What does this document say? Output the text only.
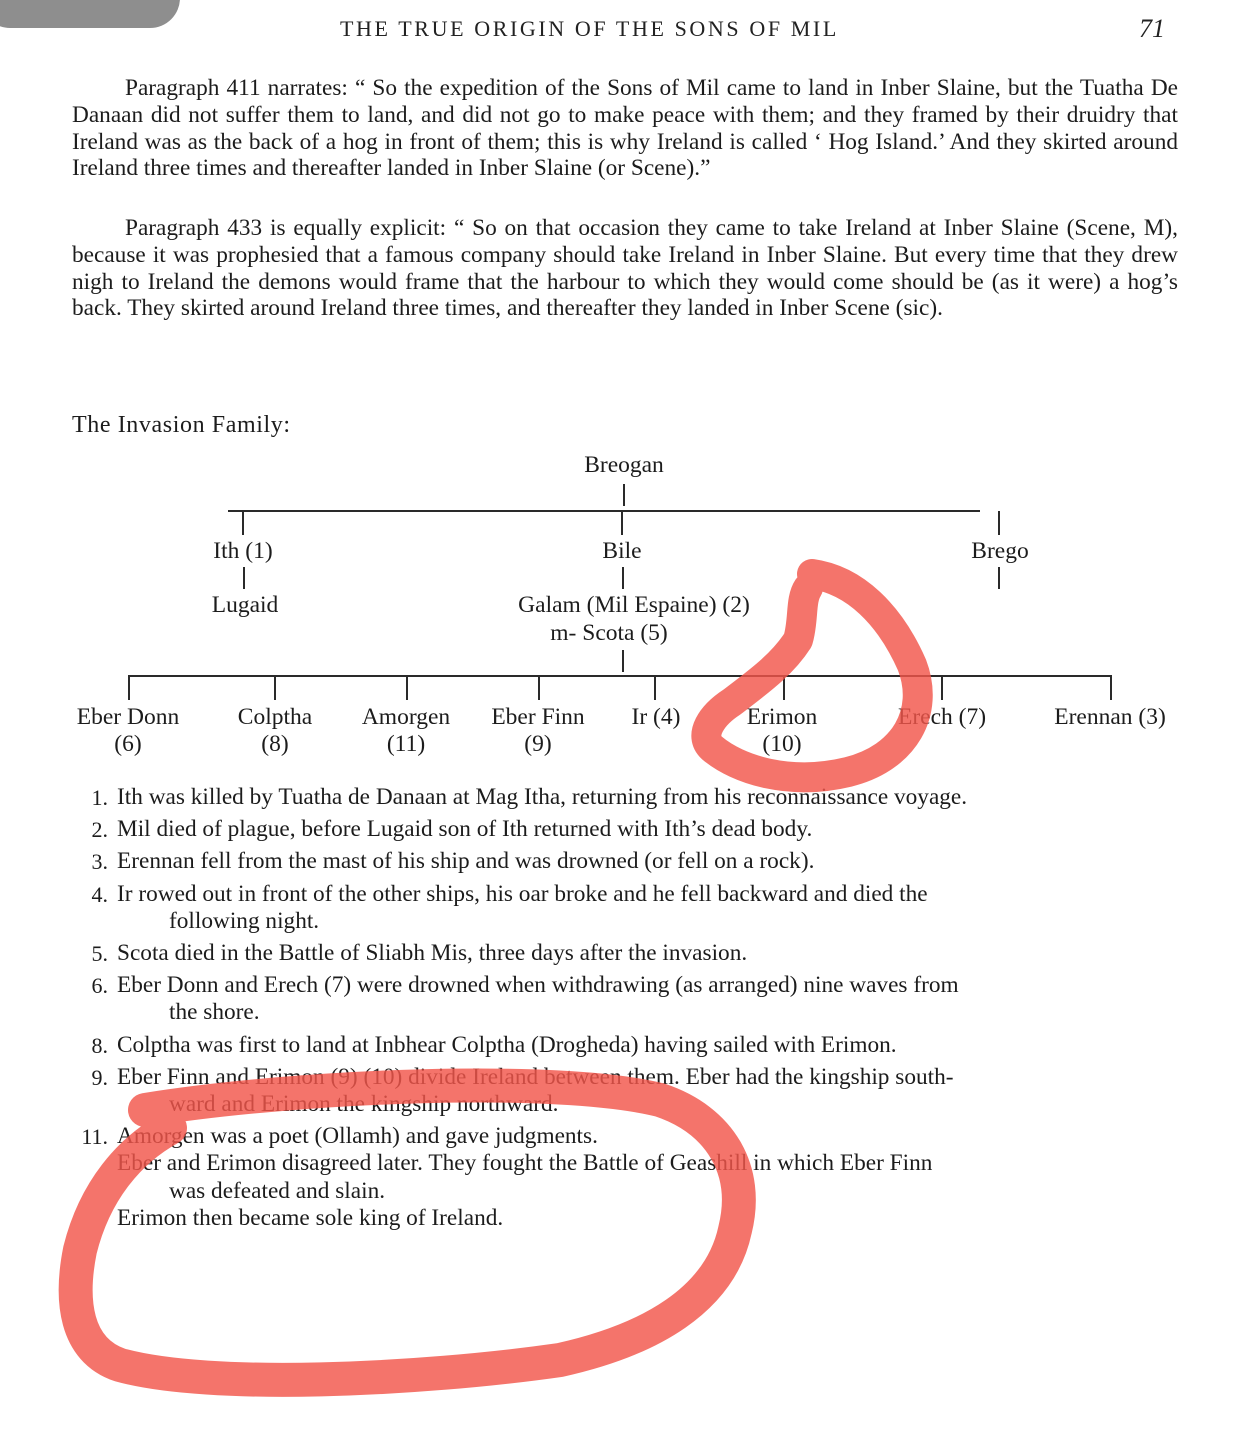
THE TRUE ORIGIN OF THE SONS OF MIL	71

Paragraph 411 narrates: “ So the expedition of the Sons of Mil came to land in Inber Slaine, but the Tuatha De Danaan did not suffer them to land, and did not go to make peace with them; and they framed by their druidry that Ireland was as the back of a hog in front of them; this is why Ireland is called ‘ Hog Island.’ And they skirted around Ireland three times and thereafter landed in Inber Slaine (or Scene).”

Paragraph 433 is equally explicit: “ So on that occasion they came to take Ireland at Inber Slaine (Scene, M), because it was prophesied that a famous company should take Ireland in Inber Slaine. But every time that they drew nigh to Ireland the demons would frame that the harbour to which they would come should be (as it were) a hog’s back. They skirted around Ireland three times, and thereafter they landed in Inber Scene (sic).

The Invasion Family:
Breogan
Ith (1)	Bile	Brego
Lugaid	Galam (Mil Espaine) (2)
m- Scota (5)
Eber Donn
(6)
Colptha
(8)
Amorgen
(11)
Eber Finn
(9)
Ir (4)	Erimon
(10)
Erech (7)	Erennan (3)
1. Ith was killed by Tuatha de Danaan at Mag Itha, returning from his reconnaissance voyage.
2. Mil died of plague, before Lugaid son of Ith returned with Ith’s dead body.
3. Erennan fell from the mast of his ship and was drowned (or fell on a rock).
4. Ir rowed out in front of the other ships, his oar broke and he fell backward and died the
following night.
5. Scota died in the Battle of Sliabh Mis, three days after the invasion.
6. Eber Donn and Erech (7) were drowned when withdrawing (as arranged) nine waves from
the shore.
8. Colptha was first to land at Inbhear Colptha (Drogheda) having sailed with Erimon.
9. Eber Finn and Erimon (9) (10) divide Ireland between them. Eber had the kingship south-
ward and Erimon the kingship northward.
11. Amorgen was a poet (Ollamh) and gave judgments.
Eber and Erimon disagreed later. They fought the Battle of Geashill in which Eber Finn
was defeated and slain.
Erimon then became sole king of Ireland.
